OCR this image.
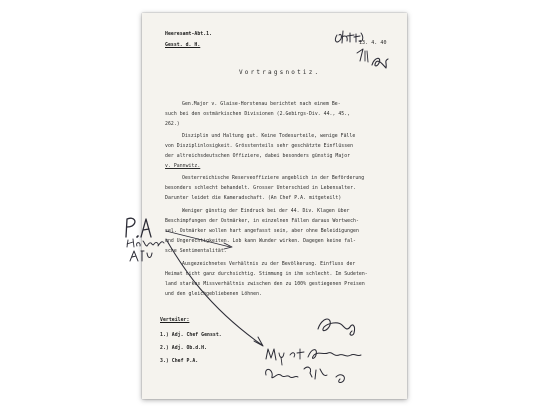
Heeresamt-Abt.1.
Gesst. d. H.	13. 4. 40
Vortragsnotiz.
Gen.Major v. Glaise-Horstenau berichtet nach einem Be-
such bei den ostmärkischen Divisionen (2.Gebirgs-Div. 44., 45.,
262.)
Disziplin und Haltung gut. Keine Todesurteile, wenige Fälle
von Disziplinlosigkeit. Grösstenteils sehr geschätzte Einflüssen
der altreichsdeutschen Offiziere, dabei besonders günstig Major
v. Pannwitz.
Oesterreichische Reserveoffiziere angeblich in der Beförderung
besonders schlecht behandelt. Grosser Unterschied in Lebensalter.
Darunter leidet die Kameradschaft. (An Chef P.A. mitgeteilt)
Weniger günstig der Eindruck bei der 44. Div. Klagen über
Beschimpfungen der Ostmärker, in einzelnen Fällen daraus Wortwech-
sel. Ostmärker wollen hart angefasst sein, aber ohne Beleidigungen
und Ungerechtigkeiten. Lob kann Wunder wirken. Dagegen keine fal-
sche Sentimentalität.
Ausgezeichnetes Verhältnis zu der Bevölkerung. Einfluss der
Heimat nicht ganz durchsichtig. Stimmung in ihm schlecht. Im Sudeten-
land starkes Missverhältnis zwischen den zu 100% gestiegenen Preisen
und den gleichgebliebenen Löhnen.
Verteiler:
1.) Adj. Chef Gensst.
2.) Adj. Ob.d.H.
3.) Chef P.A.
